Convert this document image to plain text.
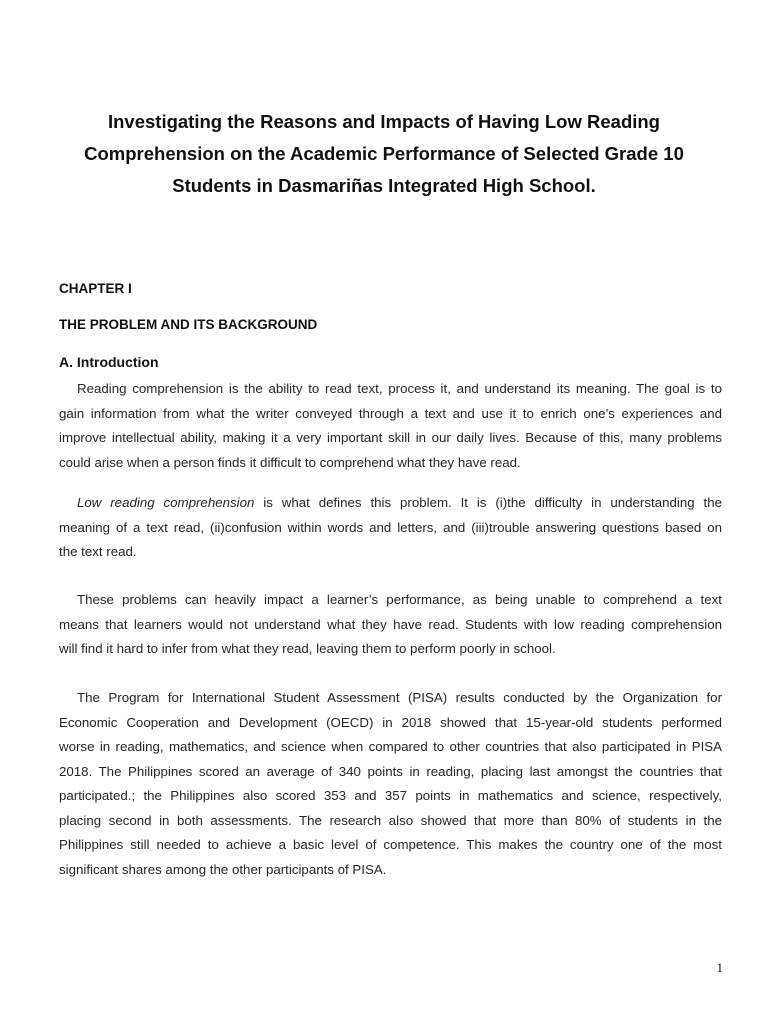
Investigating the Reasons and Impacts of Having Low Reading
Comprehension on the Academic Performance of Selected Grade 10
Students in Dasmariñas Integrated High School.
CHAPTER I
THE PROBLEM AND ITS BACKGROUND
A. Introduction

Reading comprehension is the ability to read text, process it, and understand its meaning. The goal is to
gain information from what the writer conveyed through a text and use it to enrich one’s experiences and
improve intellectual ability, making it a very important skill in our daily lives. Because of this, many problems
could arise when a person finds it difficult to comprehend what they have read.

Low reading comprehension is what defines this problem. It is (i)the difficulty in understanding the
meaning of a text read, (ii)confusion within words and letters, and (iii)trouble answering questions based on
the text read.

These problems can heavily impact a learner’s performance, as being unable to comprehend a text
means that learners would not understand what they have read. Students with low reading comprehension
will find it hard to infer from what they read, leaving them to perform poorly in school.

The Program for International Student Assessment (PISA) results conducted by the Organization for
Economic Cooperation and Development (OECD) in 2018 showed that 15-year-old students performed
worse in reading, mathematics, and science when compared to other countries that also participated in PISA
2018. The Philippines scored an average of 340 points in reading, placing last amongst the countries that
participated.; the Philippines also scored 353 and 357 points in mathematics and science, respectively,
placing second in both assessments. The research also showed that more than 80% of students in the
Philippines still needed to achieve a basic level of competence. This makes the country one of the most
significant shares among the other participants of PISA.

1
